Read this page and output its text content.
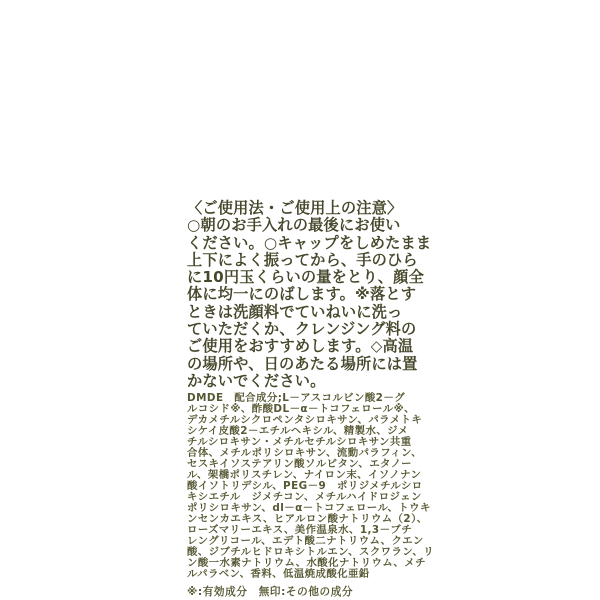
〈ご使用法・ご使用上の注意〉
○朝のお手入れの最後にお使い
ください。○キャップをしめたまま
上下によく振ってから、手のひら
に10円玉くらいの量をとり、顔全
体に均一にのばします。※落とす
ときは洗顔料でていねいに洗っ
ていただくか、クレンジング料の
ご使用をおすすめします。◇高温
の場所や、日のあたる場所には置
かないでください。
DMDE　配合成分;L－アスコルビン酸2－グ
ルコシド※、酢酸DL－α－トコフェロール※、
デカメチルシクロペンタシロキサン、パラメトキ
シケイ皮酸2－エチルヘキシル、精製水、ジメ
チルシロキサン・メチルセチルシロキサン共重
合体、メチルポリシロキサン、流動パラフィン、
セスキイソステアリン酸ソルビタン、エタノー
ル、架橋ポリスチレン、ナイロン末、イソノナン
酸イソトリデシル、PEG－9　ポリジメチルシロ
キシエチル　ジメチコン、メチルハイドロジェン
ポリシロキサン、dl－α－トコフェロール、トウキ
ンセンカエキス、ヒアルロン酸ナトリウム（2）、
ローズマリーエキス、美作温泉水、1,3－ブチ
レングリコール、エデト酸二ナトリウム、クエン
酸、ジブチルヒドロキシトルエン、スクワラン、リ
ン酸一水素ナトリウム、水酸化ナトリウム、メチ
ルパラベン、香料、低温焼成酸化亜鉛
※:有効成分　無印:その他の成分
